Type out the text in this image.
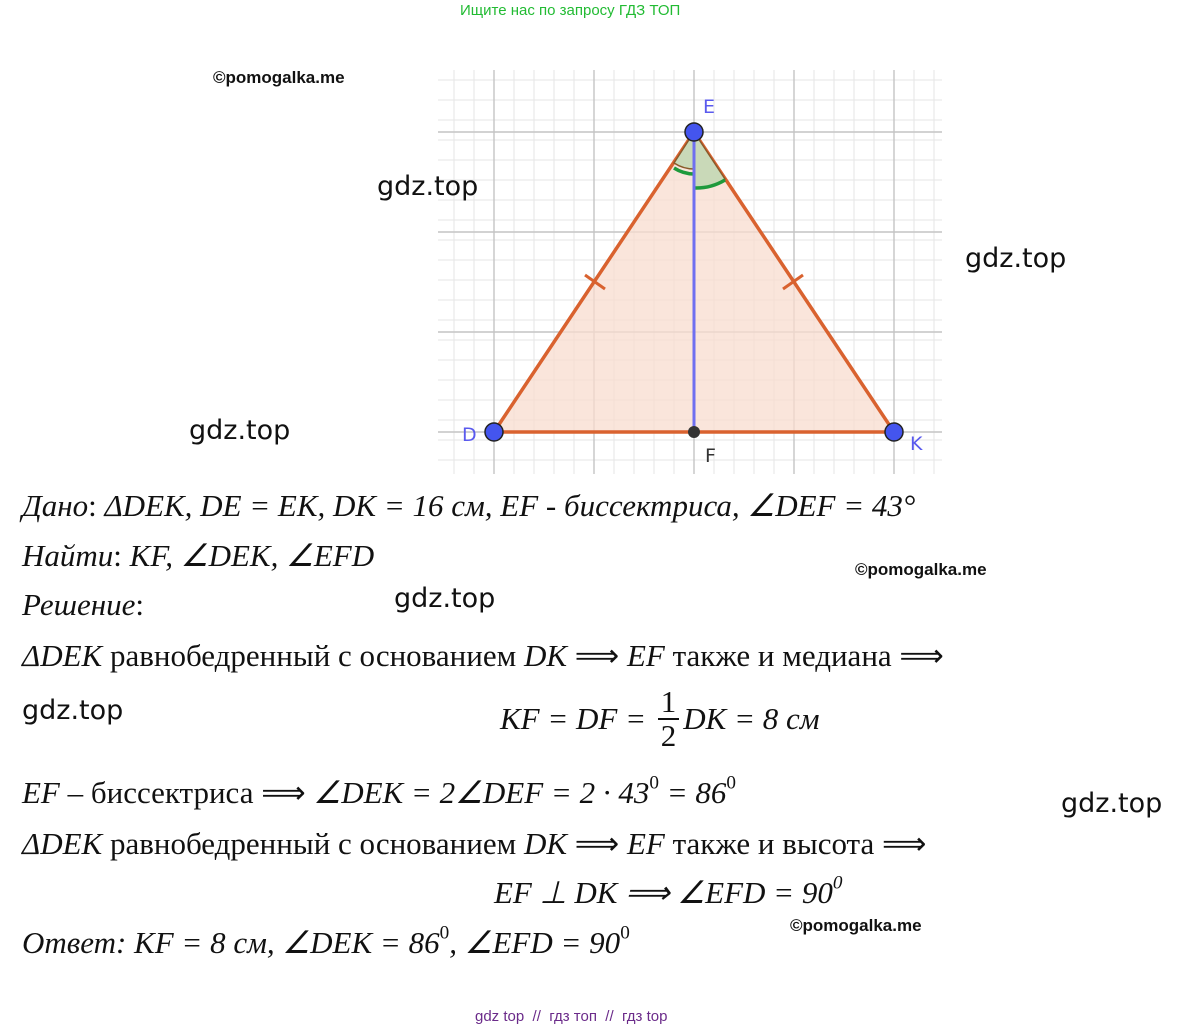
Ищите нас по запросу ГДЗ ТОП
E
D	K
F
©pomogalka.me
gdz.top
gdz.top
gdz.top
©pomogalka.me
gdz.top
gdz.top
gdz.top
©pomogalka.me
Дано: ΔDEK, DE = EK, DK = 16 см, EF - биссектриса, ∠DEF = 43°
Найти: KF, ∠DEK, ∠EFD
Решение:
ΔDEK равнобедренный с основанием DK ⟹ EF также и медиана ⟹
KF = DF = $\frac{1}{2}$ DK = 8 см
EF – биссектриса ⟹ ∠DEK = 2∠DEF = $2 \cdot 43^0 = 86^0$
ΔDEK равнобедренный с основанием DK ⟹ EF также и высота ⟹
EF ⊥ DK ⟹ ∠EFD = $90^0$
Ответ: KF = 8 см, ∠DEK = $86^0$, ∠EFD = $90^0$
gdz top  //  гдз топ  //  гдз top
